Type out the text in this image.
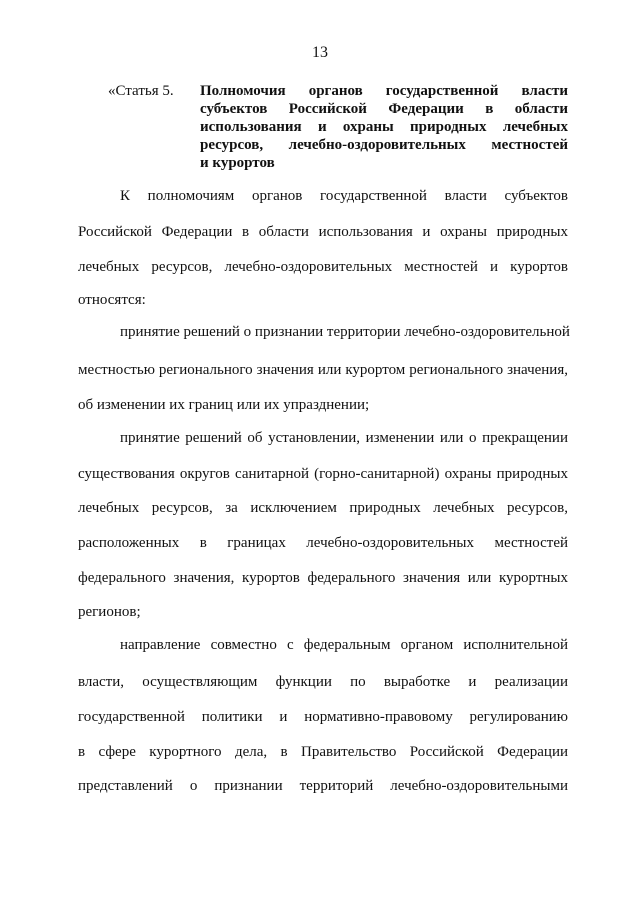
13
«Статья 5. Полномочия органов государственной власти
субъектов Российской Федерации в области
использования и охраны природных лечебных
ресурсов, лечебно-оздоровительных местностей
и курортов
К полномочиям органов государственной власти субъектов
Российской Федерации в области использования и охраны природных
лечебных ресурсов, лечебно-оздоровительных местностей и курортов
относятся:
принятие решений о признании территории лечебно-оздоровительной
местностью регионального значения или курортом регионального значения,
об изменении их границ или их упразднении;
принятие решений об установлении, изменении или о прекращении
существования округов санитарной (горно-санитарной) охраны природных
лечебных ресурсов, за исключением природных лечебных ресурсов,
расположенных в границах лечебно-оздоровительных местностей
федерального значения, курортов федерального значения или курортных
регионов;
направление совместно с федеральным органом исполнительной
власти, осуществляющим функции по выработке и реализации
государственной политики и нормативно-правовому регулированию
в сфере курортного дела, в Правительство Российской Федерации
представлений о признании территорий лечебно-оздоровительными
